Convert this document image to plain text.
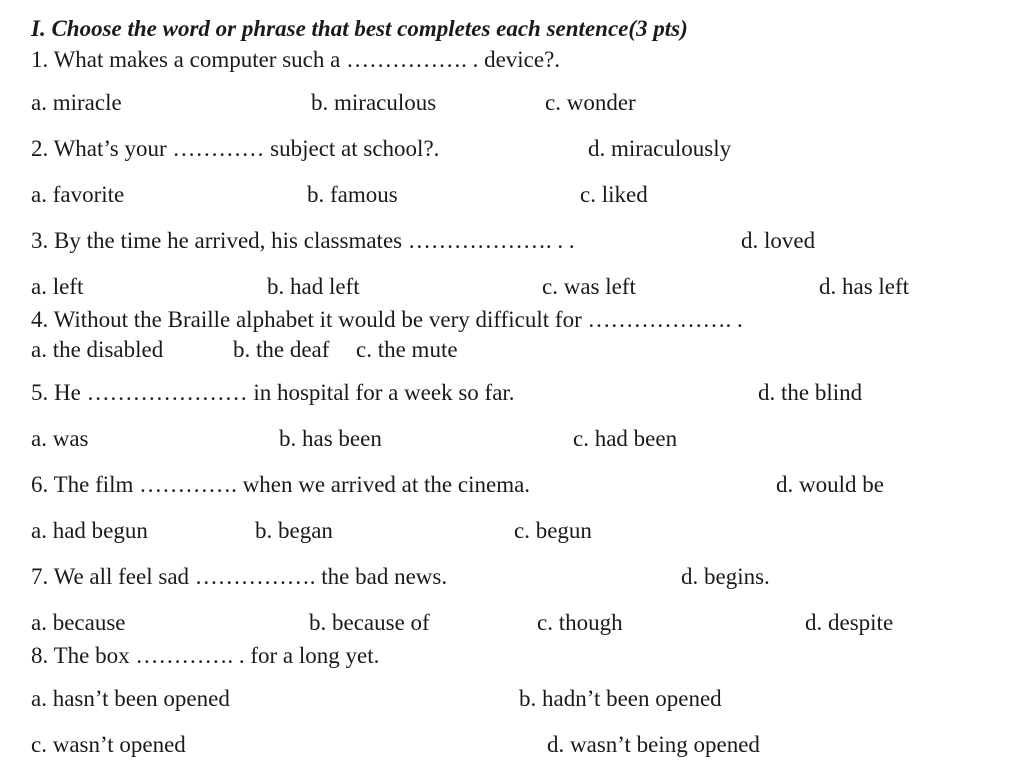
I. Choose the word or phrase that best completes each sentence(3 pts)
1. What makes a computer such a ……………. . device?.
a. miracle	b. miraculous	c. wonder
2. What’s your ………… subject at school?.	d. miraculously
a. favorite	b. famous	c. liked
3. By the time he arrived, his classmates ………………. . .	d. loved
a. left	b. had left	c. was left	d. has left
4. Without the Braille alphabet it would be very difficult for ………………. .
a. the disabled	b. the deaf c. the mute
5. He ………………… in hospital for a week so far.	d. the blind
a. was	b. has been	c. had been
6. The film …………. when we arrived at the cinema.	d. would be
a. had begun	b. began	c. begun
7. We all feel sad ……………. the bad news.	d. begins.
a. because	b. because of	c. though	d. despite
8. The box …………. . for a long yet.
a. hasn’t been opened	b. hadn’t been opened
c. wasn’t opened	d. wasn’t being opened
